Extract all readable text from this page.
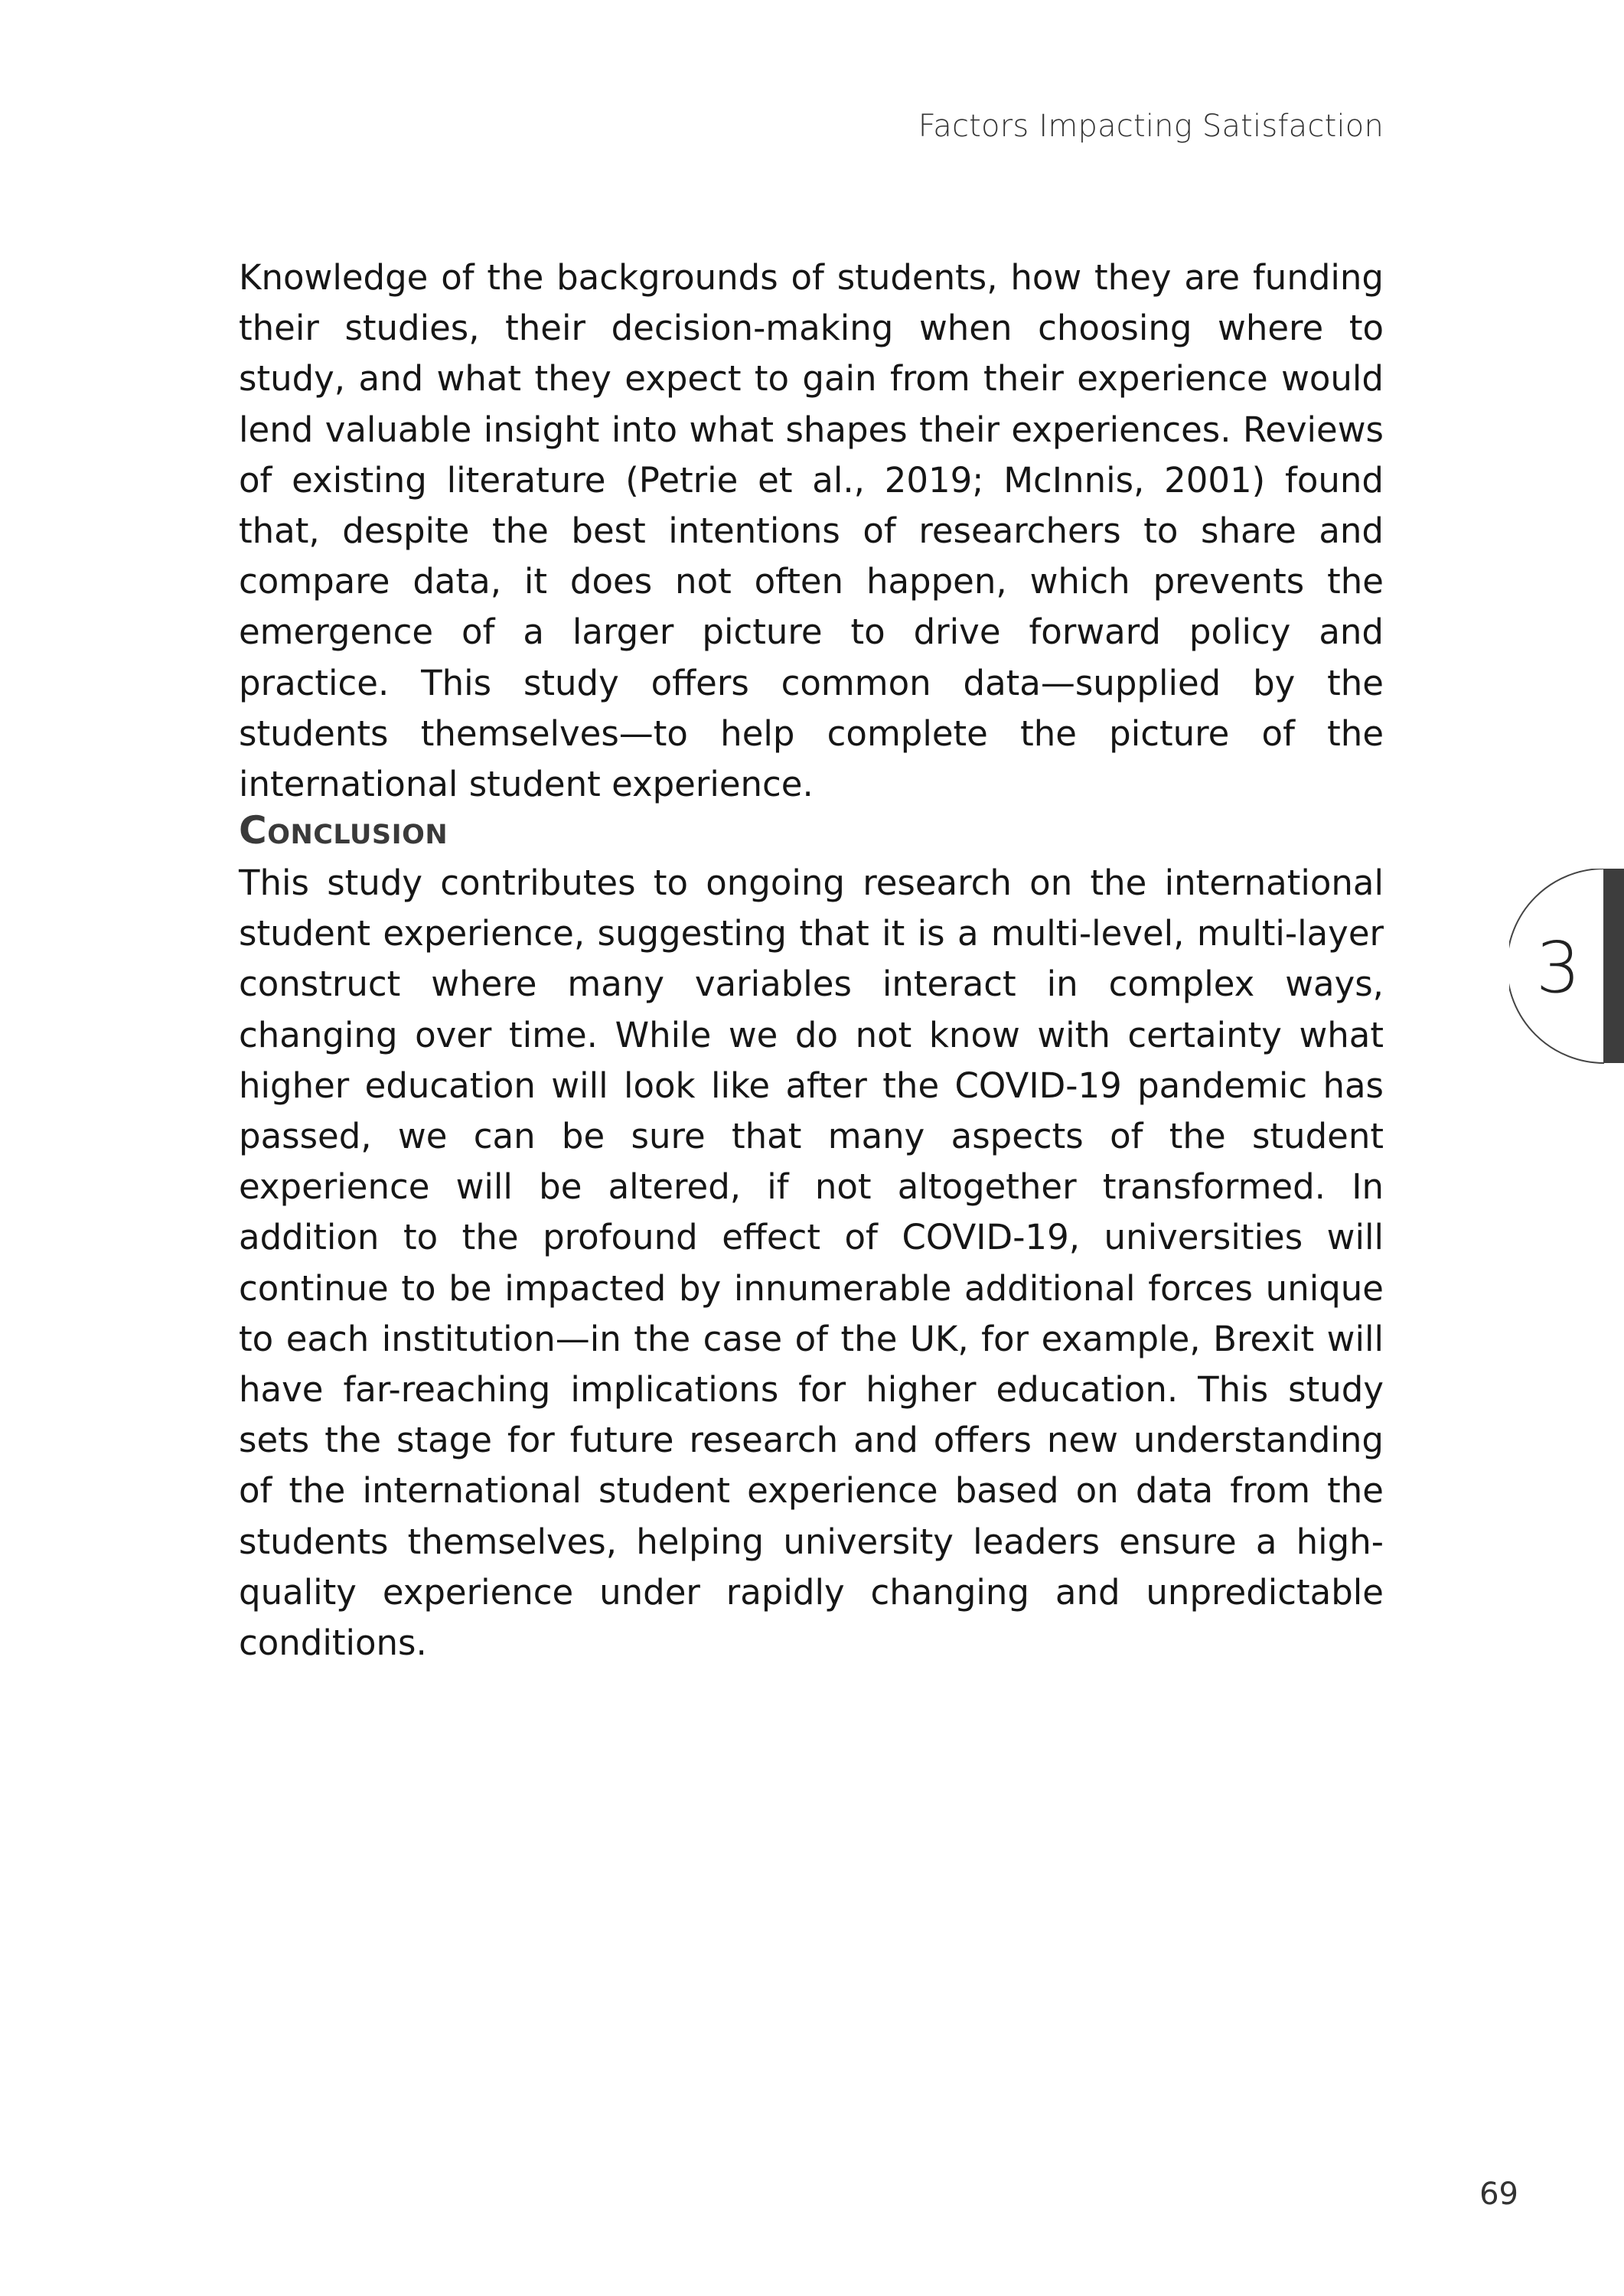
Factors Impacting Satisfaction

Knowledge of the backgrounds of students, how they are funding their studies, their decision-making when choosing where to study, and what they expect to gain from their experience would lend valuable insight into what shapes their experiences. Reviews of existing literature (Petrie et al., 2019; McInnis, 2001) found that, despite the best intentions of researchers to share and compare data, it does not often happen, which prevents the emergence of a larger picture to drive forward policy and practice. This study offers common data—supplied by the students themselves—to help complete the picture of the international student experience.

Conclusion

This study contributes to ongoing research on the international student experience, suggesting that it is a multi-level, multi-layer construct where many variables interact in complex ways, changing over time. While we do not know with certainty what higher education will look like after the COVID-19 pandemic has passed, we can be sure that many aspects of the student experience will be altered, if not altogether transformed. In addition to the profound effect of COVID-19, universities will continue to be impacted by innumerable additional forces unique to each institution—in the case of the UK, for example, Brexit will have far-reaching implications for higher education. This study sets the stage for future research and offers new understanding of the international student experience based on data from the students themselves, helping university leaders ensure a high-quality experience under rapidly changing and unpredictable conditions.

3
69
